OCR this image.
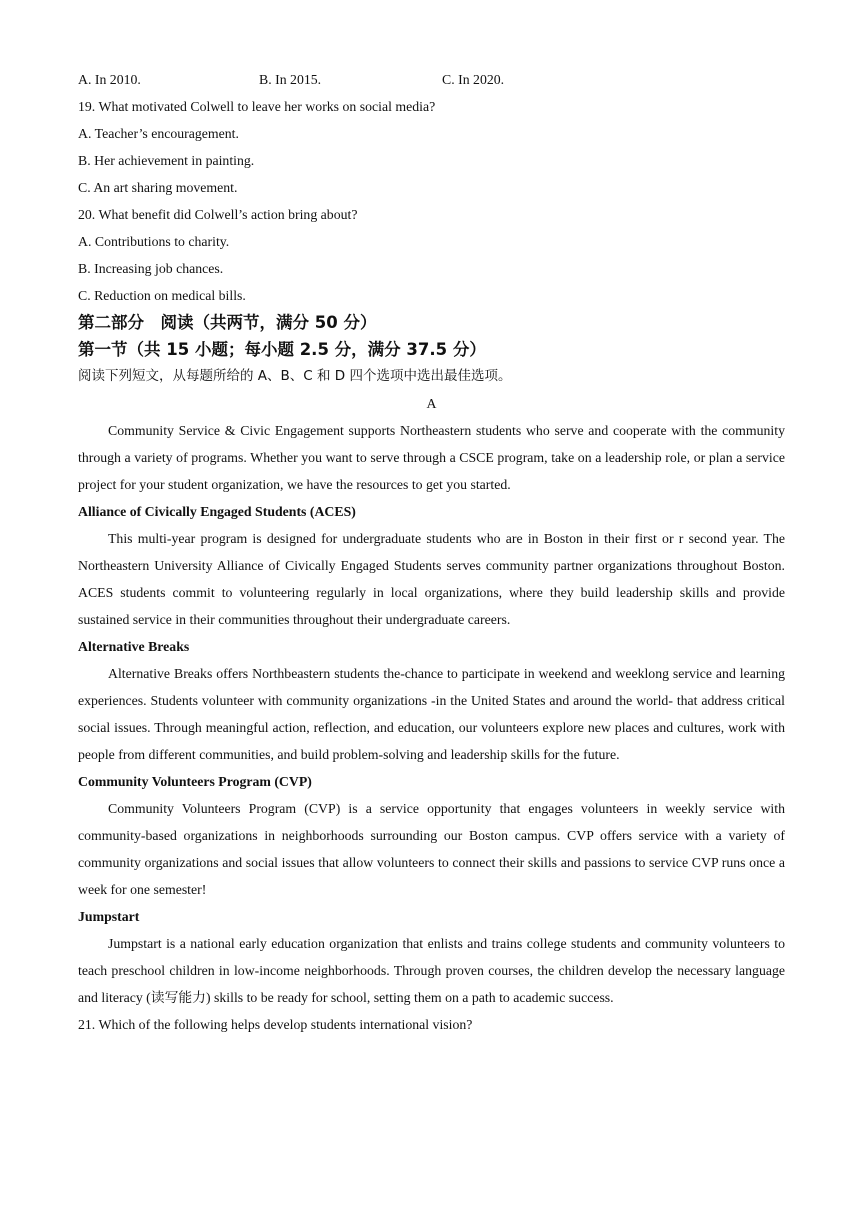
A. In 2010.	B. In 2015.	C. In 2020.
19. What motivated Colwell to leave her works on social media?
A. Teacher’s encouragement.
B. Her achievement in painting.
C. An art sharing movement.
20. What benefit did Colwell’s action bring about?
A. Contributions to charity.
B. Increasing job chances.
C. Reduction on medical bills.
第二部分　阅读（共两节，满分 50 分）
第一节（共 15 小题；每小题 2.5 分，满分 37.5 分）
阅读下列短文，从每题所给的 A、B、C 和 D 四个选项中选出最佳选项。
A

Community Service & Civic Engagement supports Northeastern students who serve and cooperate with the community through a variety of programs. Whether you want to serve through a CSCE program, take on a leadership role, or plan a service project for your student organization, we have the resources to get you started.

Alliance of Civically Engaged Students (ACES)

This multi-year program is designed for undergraduate students who are in Boston in their first or r second year. The Northeastern University Alliance of Civically Engaged Students serves community partner organizations throughout Boston. ACES students commit to volunteering regularly in local organizations, where they build leadership skills and provide sustained service in their communities throughout their undergraduate careers.

Alternative Breaks

Alternative Breaks offers Northbeastern students the-chance to participate in weekend and weeklong service and learning experiences. Students volunteer with community organizations -in the United States and around the world- that address critical social issues. Through meaningful action, reflection, and education, our volunteers explore new places and cultures, work with people from different communities, and build problem-solving and leadership skills for the future.

Community Volunteers Program (CVP)

Community Volunteers Program (CVP) is a service opportunity that engages volunteers in weekly service with community-based organizations in neighborhoods surrounding our Boston campus. CVP offers service with a variety of community organizations and social issues that allow volunteers to connect their skills and passions to service CVP runs once a week for one semester!

Jumpstart

Jumpstart is a national early education organization that enlists and trains college students and community volunteers to teach preschool children in low-income neighborhoods. Through proven courses, the children develop the necessary language and literacy (读写能力) skills to be ready for school, setting them on a path to academic success.

21. Which of the following helps develop students international vision?
